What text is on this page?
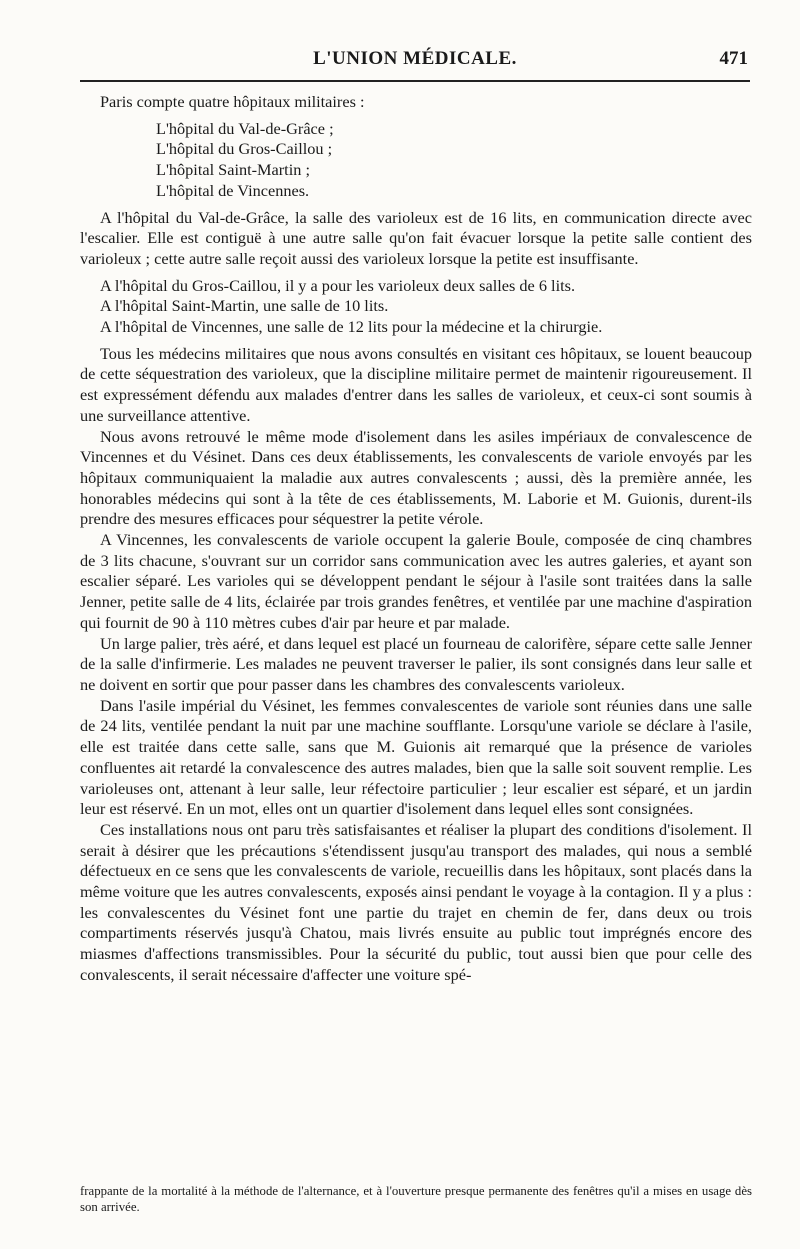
L'UNION MÉDICALE.	471

Paris compte quatre hôpitaux militaires :

L'hôpital du Val-de-Grâce ;
L'hôpital du Gros-Caillou ;
L'hôpital Saint-Martin ;
L'hôpital de Vincennes.

A l'hôpital du Val-de-Grâce, la salle des varioleux est de 16 lits, en communication directe avec l'escalier. Elle est contiguë à une autre salle qu'on fait évacuer lorsque la petite salle contient des varioleux ; cette autre salle reçoit aussi des varioleux lorsque la petite est insuffisante.

A l'hôpital du Gros-Caillou, il y a pour les varioleux deux salles de 6 lits.

A l'hôpital Saint-Martin, une salle de 10 lits.

A l'hôpital de Vincennes, une salle de 12 lits pour la médecine et la chirurgie.

Tous les médecins militaires que nous avons consultés en visitant ces hôpitaux, se louent beaucoup de cette séquestration des varioleux, que la discipline militaire permet de maintenir rigoureusement. Il est expressément défendu aux malades d'entrer dans les salles de varioleux, et ceux-ci sont soumis à une surveillance attentive.

Nous avons retrouvé le même mode d'isolement dans les asiles impériaux de convalescence de Vincennes et du Vésinet. Dans ces deux établissements, les convalescents de variole envoyés par les hôpitaux communiquaient la maladie aux autres convalescents ; aussi, dès la première année, les honorables médecins qui sont à la tête de ces établissements, M. Laborie et M. Guionis, durent-ils prendre des mesures efficaces pour séquestrer la petite vérole.

A Vincennes, les convalescents de variole occupent la galerie Boule, composée de cinq chambres de 3 lits chacune, s'ouvrant sur un corridor sans communication avec les autres galeries, et ayant son escalier séparé. Les varioles qui se développent pendant le séjour à l'asile sont traitées dans la salle Jenner, petite salle de 4 lits, éclairée par trois grandes fenêtres, et ventilée par une machine d'aspiration qui fournit de 90 à 110 mètres cubes d'air par heure et par malade.

Un large palier, très aéré, et dans lequel est placé un fourneau de calorifère, sépare cette salle Jenner de la salle d'infirmerie. Les malades ne peuvent traverser le palier, ils sont consignés dans leur salle et ne doivent en sortir que pour passer dans les chambres des convalescents varioleux.

Dans l'asile impérial du Vésinet, les femmes convalescentes de variole sont réunies dans une salle de 24 lits, ventilée pendant la nuit par une machine soufflante. Lorsqu'une variole se déclare à l'asile, elle est traitée dans cette salle, sans que M. Guionis ait remarqué que la présence de varioles confluentes ait retardé la convalescence des autres malades, bien que la salle soit souvent remplie. Les varioleuses ont, attenant à leur salle, leur réfectoire particulier ; leur escalier est séparé, et un jardin leur est réservé. En un mot, elles ont un quartier d'isolement dans lequel elles sont consignées.

Ces installations nous ont paru très satisfaisantes et réaliser la plupart des conditions d'isolement. Il serait à désirer que les précautions s'étendissent jusqu'au transport des malades, qui nous a semblé défectueux en ce sens que les convalescents de variole, recueillis dans les hôpitaux, sont placés dans la même voiture que les autres convalescents, exposés ainsi pendant le voyage à la contagion. Il y a plus : les convalescentes du Vésinet font une partie du trajet en chemin de fer, dans deux ou trois compartiments réservés jusqu'à Chatou, mais livrés ensuite au public tout imprégnés encore des miasmes d'affections transmissibles. Pour la sécurité du public, tout aussi bien que pour celle des convalescents, il serait nécessaire d'affecter une voiture spé-

frappante de la mortalité à la méthode de l'alternance, et à l'ouverture presque permanente des fenêtres qu'il a mises en usage dès son arrivée.
